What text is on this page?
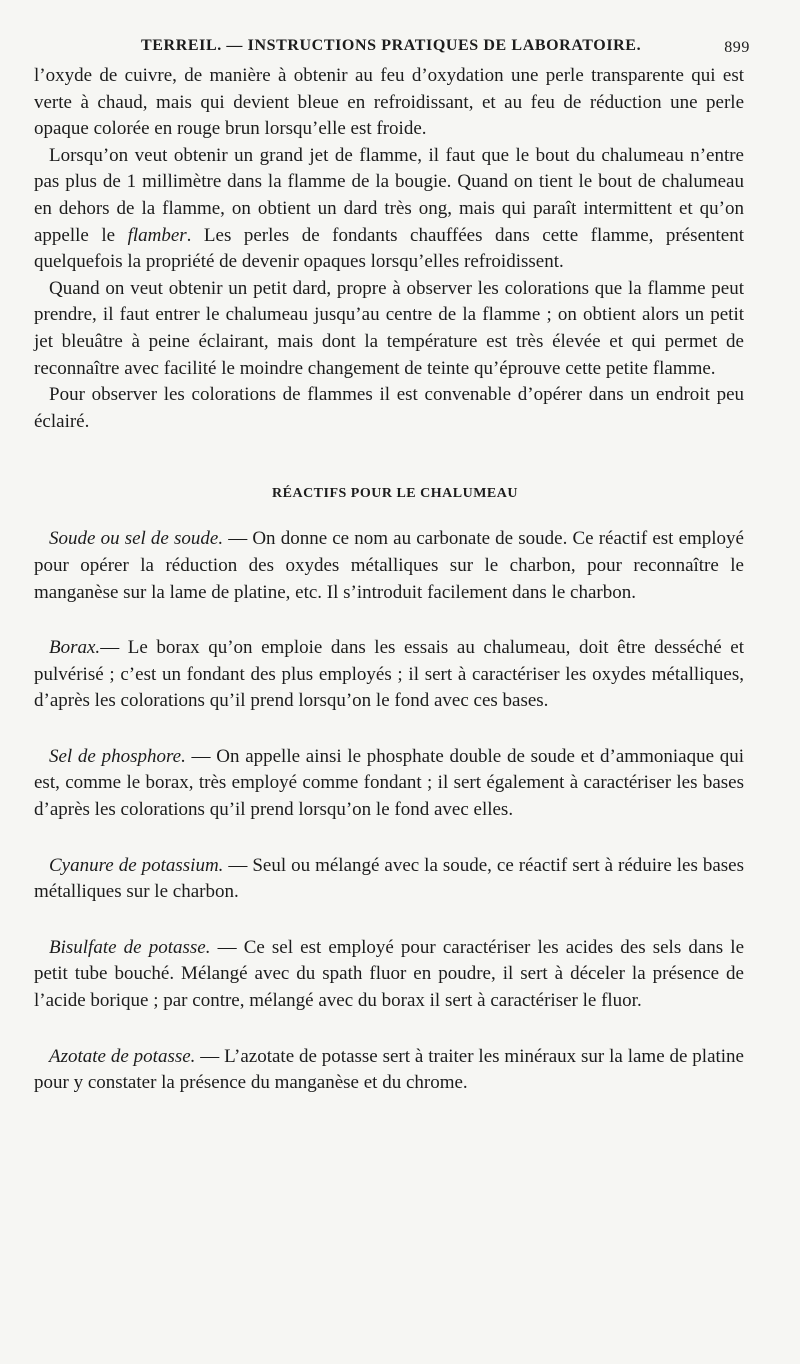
TERREIL. — INSTRUCTIONS PRATIQUES DE LABORATOIRE.	899

l’oxyde de cuivre, de manière à obtenir au feu d’oxydation une perle transparente qui est verte à chaud, mais qui devient bleue en refroidissant, et au feu de réduction une perle opaque colorée en rouge brun lorsqu’elle est froide.

Lorsqu’on veut obtenir un grand jet de flamme, il faut que le bout du chalumeau n’entre pas plus de 1 millimètre dans la flamme de la bougie. Quand on tient le bout de chalumeau en dehors de la flamme, on obtient un dard très ong, mais qui paraît intermittent et qu’on appelle le flamber. Les perles de fondants chauffées dans cette flamme, présentent quelquefois la propriété de devenir opaques lorsqu’elles refroidissent.

Quand on veut obtenir un petit dard, propre à observer les colorations que la flamme peut prendre, il faut entrer le chalumeau jusqu’au centre de la flamme ; on obtient alors un petit jet bleuâtre à peine éclairant, mais dont la température est très élevée et qui permet de reconnaître avec facilité le moindre changement de teinte qu’éprouve cette petite flamme.

Pour observer les colorations de flammes il est convenable d’opérer dans un endroit peu éclairé.

RÉACTIFS POUR LE CHALUMEAU

Soude ou sel de soude. — On donne ce nom au carbonate de soude. Ce réactif est employé pour opérer la réduction des oxydes métalliques sur le charbon, pour reconnaître le manganèse sur la lame de platine, etc. Il s’introduit facilement dans le charbon.

Borax.— Le borax qu’on emploie dans les essais au chalumeau, doit être desséché et pulvérisé ; c’est un fondant des plus employés ; il sert à caractériser les oxydes métalliques, d’après les colorations qu’il prend lorsqu’on le fond avec ces bases.

Sel de phosphore. — On appelle ainsi le phosphate double de soude et d’ammoniaque qui est, comme le borax, très employé comme fondant ; il sert également à caractériser les bases d’après les colorations qu’il prend lorsqu’on le fond avec elles.

Cyanure de potassium. — Seul ou mélangé avec la soude, ce réactif sert à réduire les bases métalliques sur le charbon.

Bisulfate de potasse. — Ce sel est employé pour caractériser les acides des sels dans le petit tube bouché. Mélangé avec du spath fluor en poudre, il sert à déceler la présence de l’acide borique ; par contre, mélangé avec du borax il sert à caractériser le fluor.

Azotate de potasse. — L’azotate de potasse sert à traiter les minéraux sur la lame de platine pour y constater la présence du manganèse et du chrome.
